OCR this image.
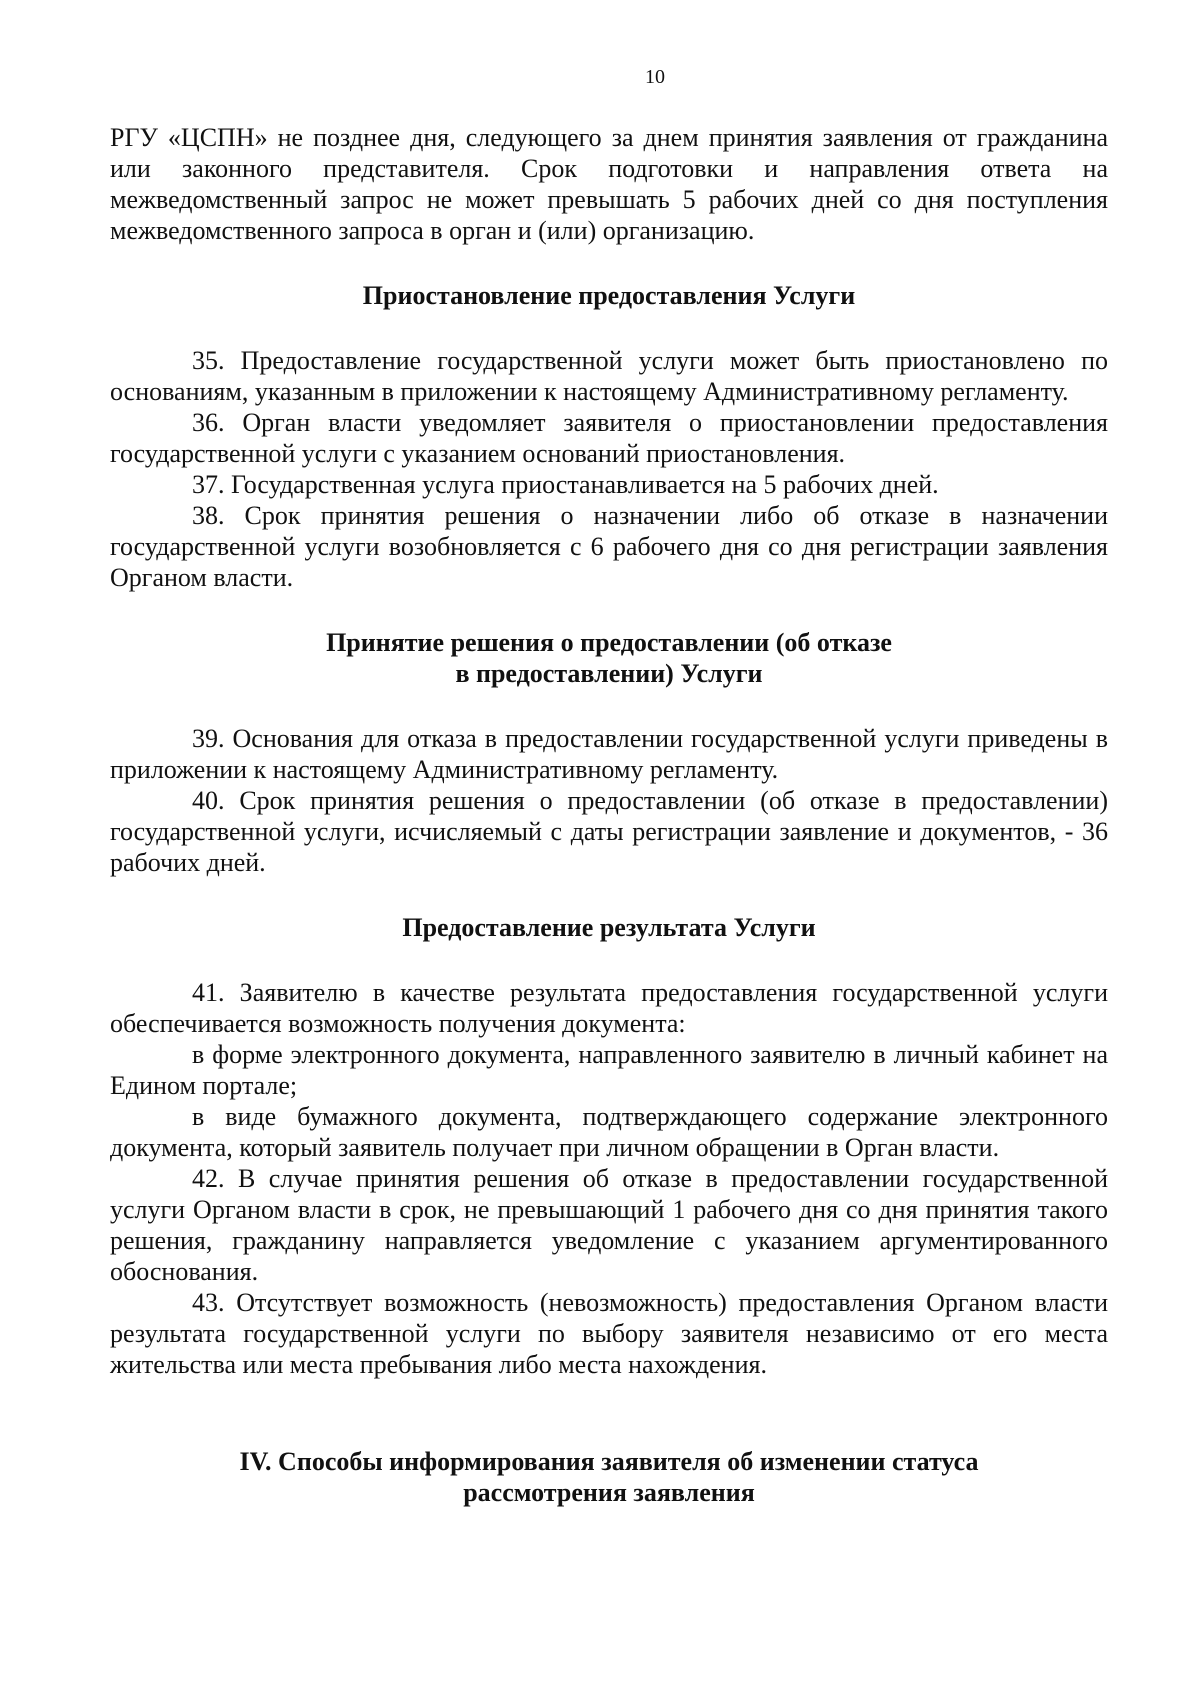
10

РГУ «ЦСПН» не позднее дня, следующего за днем принятия заявления от гражданина или законного представителя. Срок подготовки и направления ответа на межведомственный запрос не может превышать 5 рабочих дней со дня поступления межведомственного запроса в орган и (или) организацию.

Приостановление предоставления Услуги

35. Предоставление государственной услуги может быть приостановлено по основаниям, указанным в приложении к настоящему Административному регламенту.

36. Орган власти уведомляет заявителя о приостановлении предоставления государственной услуги с указанием оснований приостановления.

37. Государственная услуга приостанавливается на 5 рабочих дней.

38. Срок принятия решения о назначении либо об отказе в назначении государственной услуги возобновляется с 6 рабочего дня со дня регистрации заявления Органом власти.

Принятие решения о предоставлении (об отказе
в предоставлении) Услуги

39. Основания для отказа в предоставлении государственной услуги приведены в приложении к настоящему Административному регламенту.

40. Срок принятия решения о предоставлении (об отказе в предоставлении) государственной услуги, исчисляемый с даты регистрации заявление и документов, - 36 рабочих дней.

Предоставление результата Услуги

41. Заявителю в качестве результата предоставления государственной услуги обеспечивается возможность получения документа:

в форме электронного документа, направленного заявителю в личный кабинет на Едином портале;

в виде бумажного документа, подтверждающего содержание электронного документа, который заявитель получает при личном обращении в Орган власти.

42. В случае принятия решения об отказе в предоставлении государственной услуги Органом власти в срок, не превышающий 1 рабочего дня со дня принятия такого решения, гражданину направляется уведомление с указанием аргументированного обоснования.

43. Отсутствует возможность (невозможность) предоставления Органом власти результата государственной услуги по выбору заявителя независимо от его места жительства или места пребывания либо места нахождения.

IV. Способы информирования заявителя об изменении статуса
рассмотрения заявления
